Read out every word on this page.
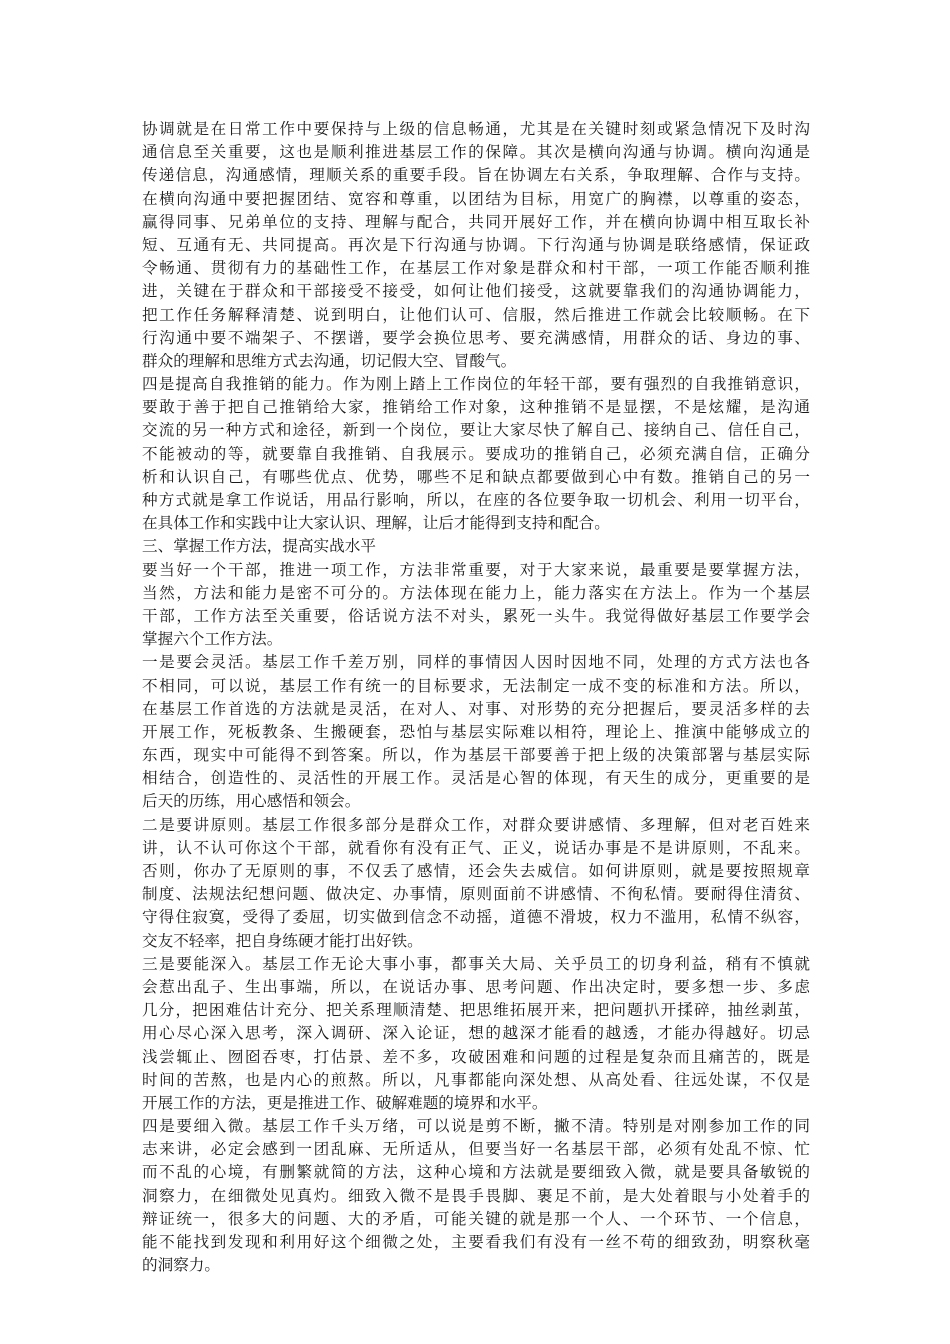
协调就是在日常工作中要保持与上级的信息畅通，尤其是在关键时刻或紧急情况下及时沟
通信息至关重要，这也是顺利推进基层工作的保障。其次是横向沟通与协调。横向沟通是
传递信息，沟通感情，理顺关系的重要手段。旨在协调左右关系，争取理解、合作与支持。
在横向沟通中要把握团结、宽容和尊重，以团结为目标，用宽广的胸襟，以尊重的姿态，
赢得同事、兄弟单位的支持、理解与配合，共同开展好工作，并在横向协调中相互取长补
短、互通有无、共同提高。再次是下行沟通与协调。下行沟通与协调是联络感情，保证政
令畅通、贯彻有力的基础性工作，在基层工作对象是群众和村干部，一项工作能否顺利推
进，关键在于群众和干部接受不接受，如何让他们接受，这就要靠我们的沟通协调能力，
把工作任务解释清楚、说到明白，让他们认可、信服，然后推进工作就会比较顺畅。在下
行沟通中要不端架子、不摆谱，要学会换位思考、要充满感情，用群众的话、身边的事、
群众的理解和思维方式去沟通，切记假大空、冒酸气。
四是提高自我推销的能力。作为刚上踏上工作岗位的年轻干部，要有强烈的自我推销意识，
要敢于善于把自己推销给大家，推销给工作对象，这种推销不是显摆，不是炫耀，是沟通
交流的另一种方式和途径，新到一个岗位，要让大家尽快了解自己、接纳自己、信任自己，
不能被动的等，就要靠自我推销、自我展示。要成功的推销自己，必须充满自信，正确分
析和认识自己，有哪些优点、优势，哪些不足和缺点都要做到心中有数。推销自己的另一
种方式就是拿工作说话，用品行影响，所以，在座的各位要争取一切机会、利用一切平台，
在具体工作和实践中让大家认识、理解，让后才能得到支持和配合。
三、掌握工作方法，提高实战水平
要当好一个干部，推进一项工作，方法非常重要，对于大家来说，最重要是要掌握方法，
当然，方法和能力是密不可分的。方法体现在能力上，能力落实在方法上。作为一个基层
干部，工作方法至关重要，俗话说方法不对头，累死一头牛。我觉得做好基层工作要学会
掌握六个工作方法。
一是要会灵活。基层工作千差万别，同样的事情因人因时因地不同，处理的方式方法也各
不相同，可以说，基层工作有统一的目标要求，无法制定一成不变的标准和方法。所以，
在基层工作首选的方法就是灵活，在对人、对事、对形势的充分把握后，要灵活多样的去
开展工作，死板教条、生搬硬套，恐怕与基层实际难以相符，理论上、推演中能够成立的
东西，现实中可能得不到答案。所以，作为基层干部要善于把上级的决策部署与基层实际
相结合，创造性的、灵活性的开展工作。灵活是心智的体现，有天生的成分，更重要的是
后天的历练，用心感悟和领会。
二是要讲原则。基层工作很多部分是群众工作，对群众要讲感情、多理解，但对老百姓来
讲，认不认可你这个干部，就看你有没有正气、正义，说话办事是不是讲原则，不乱来。
否则，你办了无原则的事，不仅丢了感情，还会失去威信。如何讲原则，就是要按照规章
制度、法规法纪想问题、做决定、办事情，原则面前不讲感情、不徇私情。要耐得住清贫、
守得住寂寞，受得了委屈，切实做到信念不动摇，道德不滑坡，权力不滥用，私情不纵容，
交友不轻率，把自身练硬才能打出好铁。
三是要能深入。基层工作无论大事小事，都事关大局、关乎员工的切身利益，稍有不慎就
会惹出乱子、生出事端，所以，在说话办事、思考问题、作出决定时，要多想一步、多虑
几分，把困难估计充分、把关系理顺清楚、把思维拓展开来，把问题扒开揉碎，抽丝剥茧，
用心尽心深入思考，深入调研、深入论证，想的越深才能看的越透，才能办得越好。切忌
浅尝辄止、囫囵吞枣，打估景、差不多，攻破困难和问题的过程是复杂而且痛苦的，既是
时间的苦熬，也是内心的煎熬。所以，凡事都能向深处想、从高处看、往远处谋，不仅是
开展工作的方法，更是推进工作、破解难题的境界和水平。
四是要细入微。基层工作千头万绪，可以说是剪不断，撇不清。特别是对刚参加工作的同
志来讲，必定会感到一团乱麻、无所适从，但要当好一名基层干部，必须有处乱不惊、忙
而不乱的心境，有删繁就简的方法，这种心境和方法就是要细致入微，就是要具备敏锐的
洞察力，在细微处见真灼。细致入微不是畏手畏脚、裹足不前，是大处着眼与小处着手的
辩证统一，很多大的问题、大的矛盾，可能关键的就是那一个人、一个环节、一个信息，
能不能找到发现和利用好这个细微之处，主要看我们有没有一丝不苟的细致劲，明察秋毫
的洞察力。
